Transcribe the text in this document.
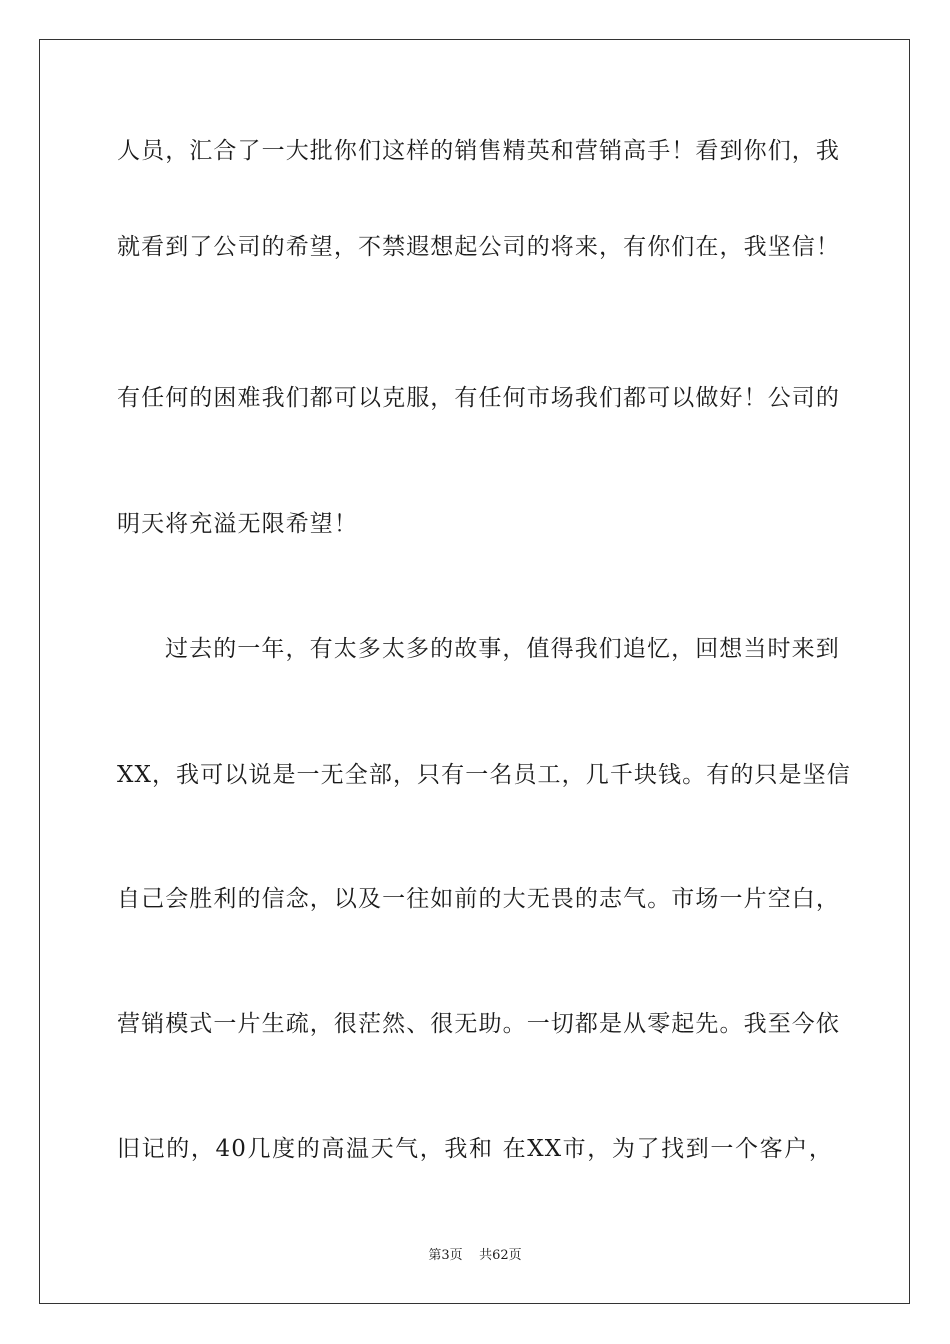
人员，汇合了一大批你们这样的销售精英和营销高手！看到你们，我
就看到了公司的希望，不禁遐想起公司的将来，有你们在，我坚信！
有任何的困难我们都可以克服，有任何市场我们都可以做好！公司的
明天将充溢无限希望！
过去的一年，有太多太多的故事，值得我们追忆，回想当时来到
XX，我可以说是一无全部，只有一名员工，几千块钱。有的只是坚信
自己会胜利的信念，以及一往如前的大无畏的志气。市场一片空白，
营销模式一片生疏，很茫然、很无助。一切都是从零起先。我至今依
旧记的，40几度的高温天气，我和 在XX市，为了找到一个客户，
第3页 共62页
